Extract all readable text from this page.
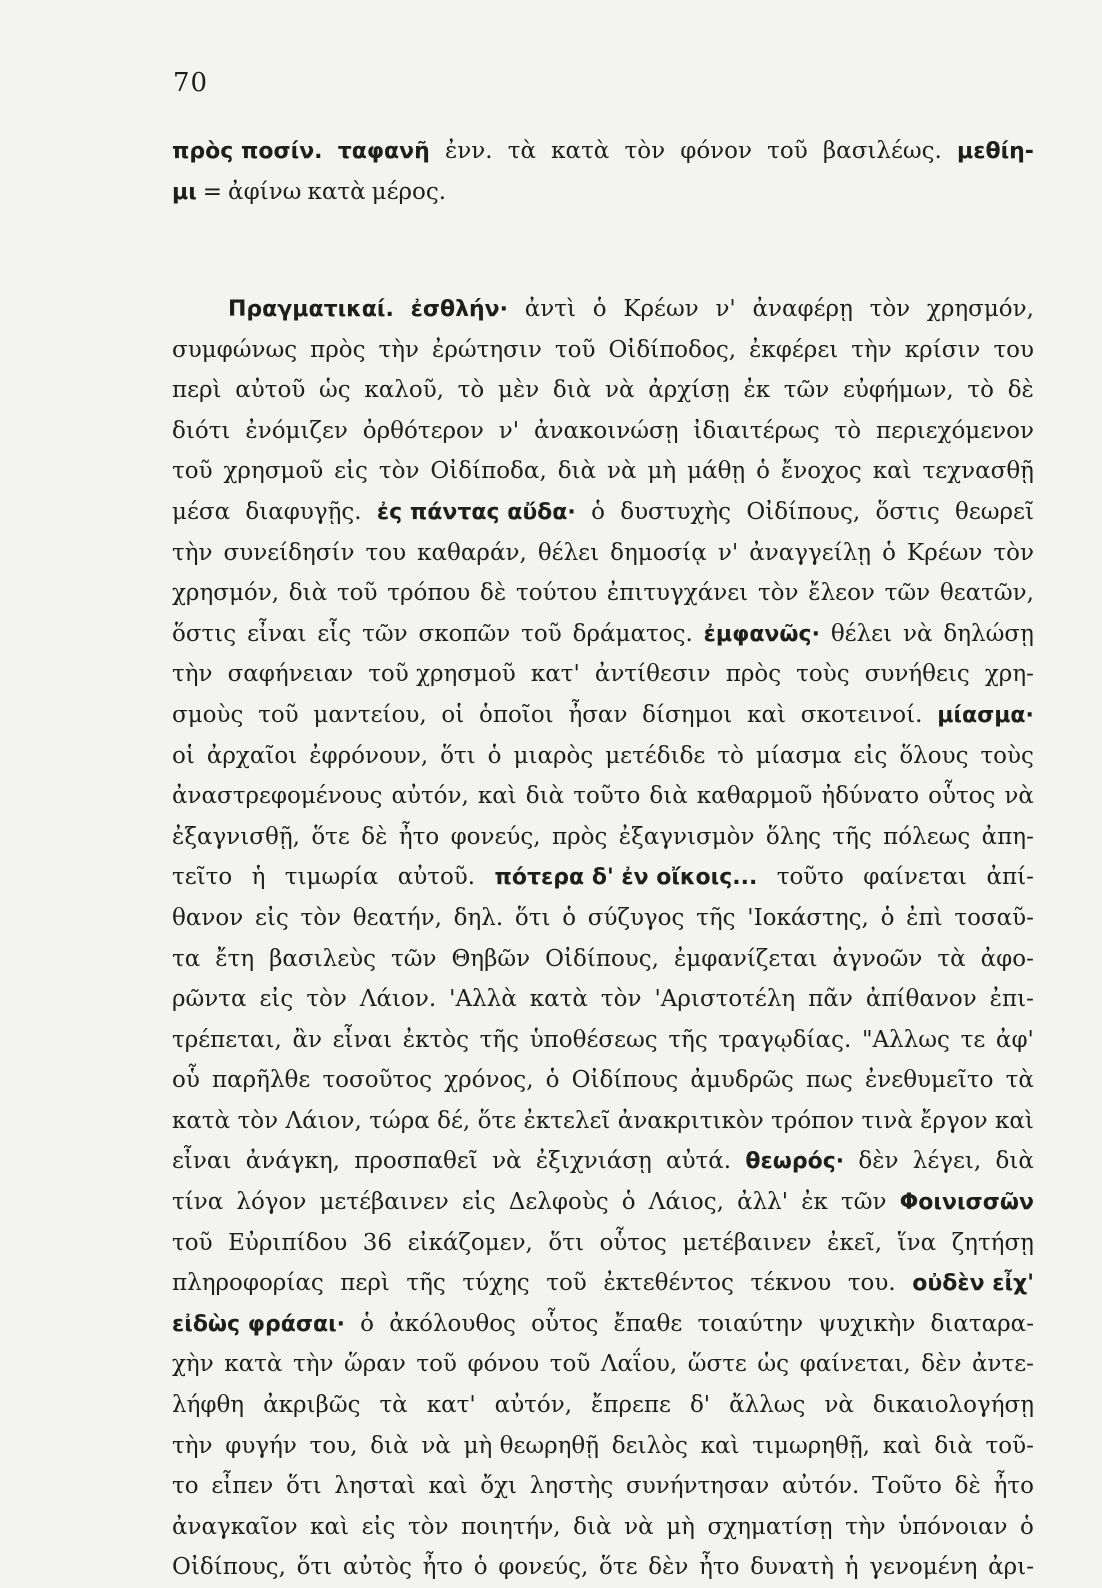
70
πρὸς ποσίν. ταφανῆ ἐνν. τὰ κατὰ τὸν φόνον τοῦ βασιλέως. μεθίη-
μι = ἀφίνω κατὰ μέρος.
Πραγματικαί. ἐσθλήν· ἀντὶ ὁ Κρέων ν' ἀναφέρῃ τὸν χρησμόν,
συμφώνως πρὸς τὴν ἐρώτησιν τοῦ Οἰδίποδος, ἐκφέρει τὴν κρίσιν του
περὶ αὐτοῦ ὡς καλοῦ, τὸ μὲν διὰ νὰ ἀρχίσῃ ἐκ τῶν εὐφήμων, τὸ δὲ
διότι ἐνόμιζεν ὀρθότερον ν' ἀνακοινώσῃ ἰδιαιτέρως τὸ περιεχόμενον
τοῦ χρησμοῦ εἰς τὸν Οἰδίποδα, διὰ νὰ μὴ μάθῃ ὁ ἔνοχος καὶ τεχνασθῇ
μέσα διαφυγῇς. ἐς πάντας αὔδα· ὁ δυστυχὴς Οἰδίπους, ὅστις θεωρεῖ
τὴν συνείδησίν του καθαράν, θέλει δημοσίᾳ ν' ἀναγγείλῃ ὁ Κρέων τὸν
χρησμόν, διὰ τοῦ τρόπου δὲ τούτου ἐπιτυγχάνει τὸν ἔλεον τῶν θεατῶν,
ὅστις εἶναι εἷς τῶν σκοπῶν τοῦ δράματος. ἐμφανῶς· θέλει νὰ δηλώσῃ
τὴν σαφήνειαν τοῦ χρησμοῦ κατ' ἀντίθεσιν πρὸς τοὺς συνήθεις χρη-
σμοὺς τοῦ μαντείου, οἱ ὁποῖοι ἦσαν δίσημοι καὶ σκοτεινοί. μίασμα·
οἱ ἀρχαῖοι ἐφρόνουν, ὅτι ὁ μιαρὸς μετέδιδε τὸ μίασμα εἰς ὅλους τοὺς
ἀναστρεφομένους αὐτόν, καὶ διὰ τοῦτο διὰ καθαρμοῦ ἠδύνατο οὗτος νὰ
ἐξαγνισθῇ, ὅτε δὲ ἦτο φονεύς, πρὸς ἐξαγνισμὸν ὅλης τῆς πόλεως ἀπη-
τεῖτο ἡ τιμωρία αὐτοῦ. πότερα δ' ἐν οἴκοις... τοῦτο φαίνεται ἀπί-
θανον εἰς τὸν θεατήν, δηλ. ὅτι ὁ σύζυγος τῆς 'Ιοκάστης, ὁ ἐπὶ τοσαῦ-
τα ἔτη βασιλεὺς τῶν Θηβῶν Οἰδίπους, ἐμφανίζεται ἀγνοῶν τὰ ἀφο-
ρῶντα εἰς τὸν Λάιον. 'Αλλὰ κατὰ τὸν 'Αριστοτέλη πᾶν ἀπίθανον ἐπι-
τρέπεται, ἂν εἶναι ἐκτὸς τῆς ὑποθέσεως τῆς τραγῳδίας. "Αλλως τε ἀφ'
οὗ παρῆλθε τοσοῦτος χρόνος, ὁ Οἰδίπους ἀμυδρῶς πως ἐνεθυμεῖτο τὰ
κατὰ τὸν Λάιον, τώρα δέ, ὅτε ἐκτελεῖ ἀνακριτικὸν τρόπον τινὰ ἔργον καὶ
εἶναι ἀνάγκη, προσπαθεῖ νὰ ἐξιχνιάσῃ αὐτά. θεωρός· δὲν λέγει, διὰ
τίνα λόγον μετέβαινεν εἰς Δελφοὺς ὁ Λάιος, ἀλλ' ἐκ τῶν Φοινισσῶν
τοῦ Εὐριπίδου 36 εἰκάζομεν, ὅτι οὗτος μετέβαινεν ἐκεῖ, ἵνα ζητήσῃ
πληροφορίας περὶ τῆς τύχης τοῦ ἐκτεθέντος τέκνου του. οὐδὲν εἶχ'
εἰδὼς φράσαι· ὁ ἀκόλουθος οὗτος ἔπαθε τοιαύτην ψυχικὴν διαταρα-
χὴν κατὰ τὴν ὥραν τοῦ φόνου τοῦ Λαΐου, ὥστε ὡς φαίνεται, δὲν ἀντε-
λήφθη ἀκριβῶς τὰ κατ' αὐτόν, ἔπρεπε δ' ἄλλως νὰ δικαιολογήσῃ
τὴν φυγήν του, διὰ νὰ μὴ θεωρηθῇ δειλὸς καὶ τιμωρηθῇ, καὶ διὰ τοῦ-
το εἶπεν ὅτι λησταὶ καὶ ὄχι ληστὴς συνήντησαν αὐτόν. Τοῦτο δὲ ἦτο
ἀναγκαῖον καὶ εἰς τὸν ποιητήν, διὰ νὰ μὴ σχηματίσῃ τὴν ὑπόνοιαν ὁ
Οἰδίπους, ὅτι αὐτὸς ἦτο ὁ φονεύς, ὅτε δὲν ἦτο δυνατὴ ἡ γενομένη ἀρι-
